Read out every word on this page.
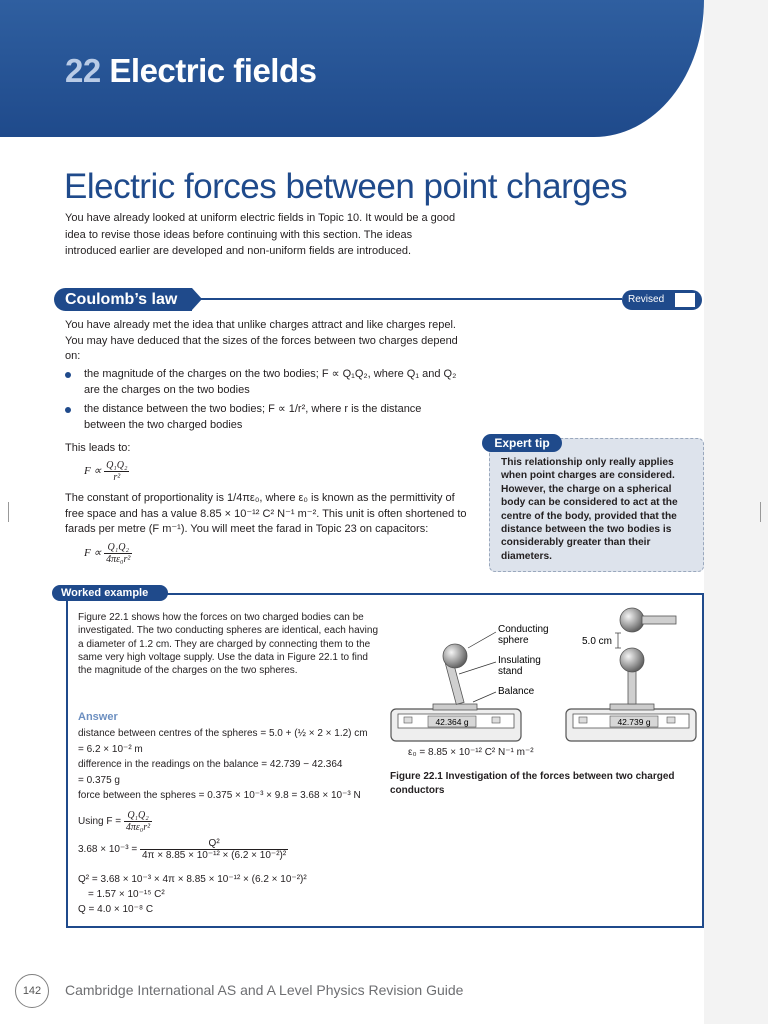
22 Electric fields
Electric forces between point charges
You have already looked at uniform electric fields in Topic 10. It would be a good idea to revise those ideas before continuing with this section. The ideas introduced earlier are developed and non-uniform fields are introduced.
Coulomb’s law	Revised
You have already met the idea that unlike charges attract and like charges repel. You may have deduced that the sizes of the forces between two charges depend on:
the magnitude of the charges on the two bodies; F ∝ Q₁Q₂, where Q₁ and Q₂ are the charges on the two bodies
the distance between the two bodies; F ∝ 1/r², where r is the distance between the two charged bodies
This leads to:
$F \propto \frac{\text{Q₁Q₂}}{\text{r²}}$
The constant of proportionality is 1/4πε₀, where ε₀ is known as the permittivity of free space and has a value 8.85 × 10⁻¹² C² N⁻¹ m⁻². This unit is often shortened to farads per metre (F m⁻¹). You will meet the farad in Topic 23 on capacitors:
$F \propto \frac{\text{Q₁Q₂}}{\text{4πε₀r²}}$
Expert tip
This relationship only really applies when point charges are considered. However, the charge on a spherical body can be considered to act at the centre of the body, provided that the distance between the two bodies is considerably greater than their diameters.
Worked example
Figure 22.1 shows how the forces on two charged bodies can be investigated. The two conducting spheres are identical, each having a diameter of 1.2 cm. They are charged by connecting them to the same very high voltage supply. Use the data in Figure 22.1 to find the magnitude of the charges on the two spheres.
Answer
distance between centres of the spheres = 5.0 + (½ × 2 × 1.2) cm
= 6.2 × 10⁻² m
difference in the readings on the balance = 42.739 − 42.364
= 0.375 g
force between the spheres = 0.375 × 10⁻³ × 9.8 = 3.68 × 10⁻³ N
Using $F = \frac{\text{Q₁Q₂}}{\text{4πε₀r²}}$
$3.68 \times 10^{-3} = \frac{\text{Q²}}{\text{4π × 8.85 × 10⁻¹² × (6.2 × 10⁻²)²}}$
Q² = 3.68 × 10⁻³ × 4π × 8.85 × 10⁻¹² × (6.2 × 10⁻²)²
= 1.57 × 10⁻¹⁵ C²
Q = 4.0 × 10⁻⁸ C
42.364 g
Conducting sphere
Insulating stand
Balance
42.739 g
5.0 cm
ε₀ = 8.85 × 10⁻¹² C² N⁻¹ m⁻²
Figure 22.1 Investigation of the forces between two charged
conductors
142	Cambridge International AS and A Level Physics Revision Guide
